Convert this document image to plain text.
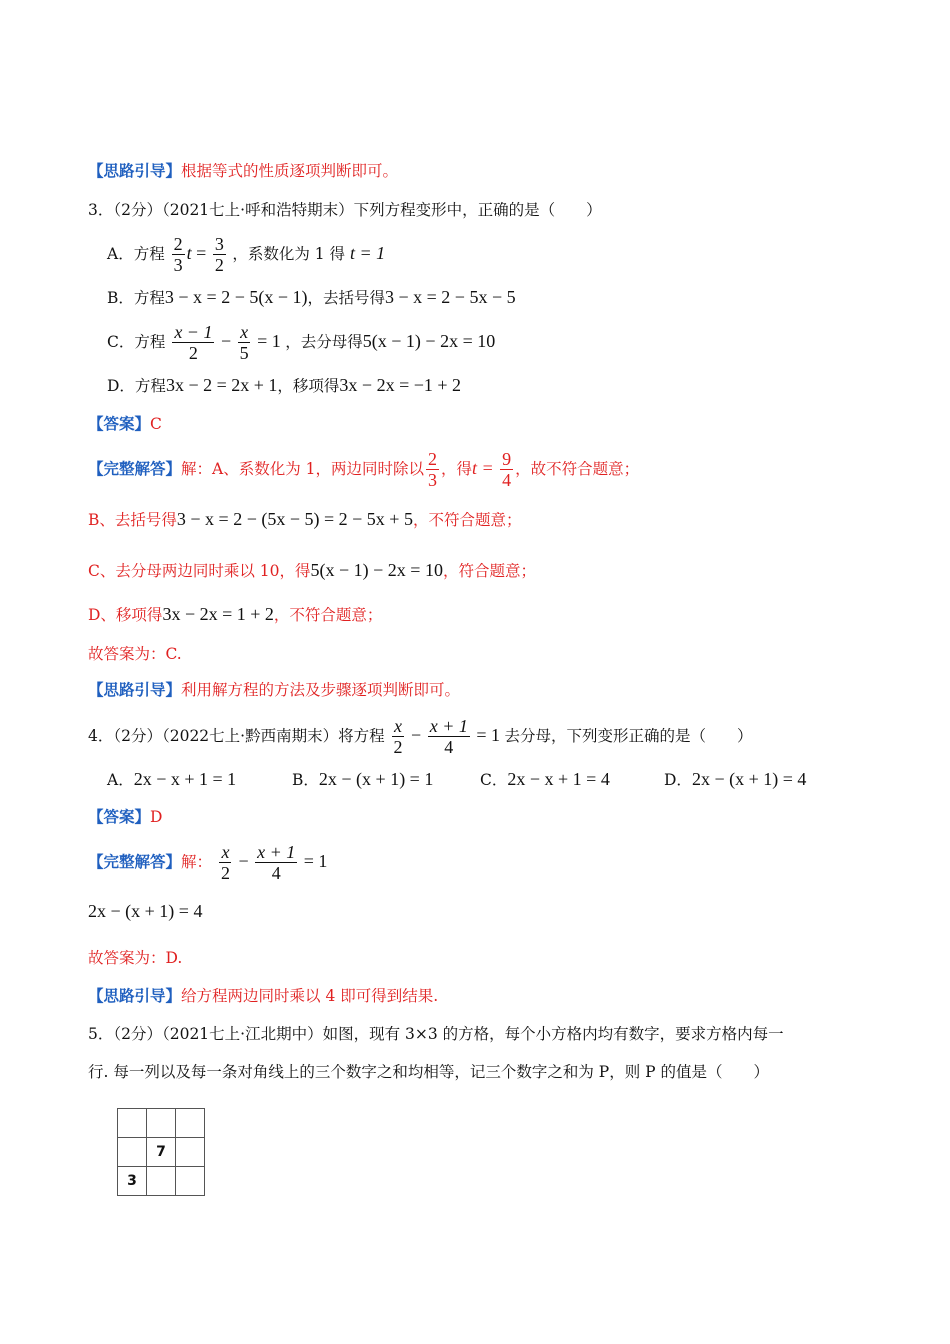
【思路引导】根据等式的性质逐项判断即可。
3．（2分）（2021七上·呼和浩特期末）下列方程变形中，正确的是（　　）
A．方程 $\frac{2}{3}$ $t = \frac{3}{2}$ ，系数化为 1 得 t = 1
B．方程3 − x = 2 − 5(x − 1)，去括号得3 − x = 2 − 5x − 5
C．方程 $\frac{x - 1}{2} - \frac{x}{5} = 1$ ，去分母得5(x − 1) − 2x = 10
D．方程3x − 2 = 2x + 1，移项得3x − 2x = −1 + 2
【答案】C
【完整解答】解：A、系数化为 1，两边同时除以 $\frac{2}{3}$ ，得$t = \frac{9}{4}$ ，故不符合题意；
B、去括号得3 − x = 2 − (5x − 5) = 2 − 5x + 5，不符合题意；
C、去分母两边同时乘以 10，得5(x − 1) − 2x = 10，符合题意；
D、移项得3x − 2x = 1 + 2，不符合题意；
故答案为：C.
【思路引导】利用解方程的方法及步骤逐项判断即可。
4．（2分）（2022七上·黔西南期末）将方程 $\frac{x}{2} - \frac{x + 1}{4} = 1$ 去分母，下列变形正确的是（　　）
A．2x − x + 1 = 1	B．2x − (x + 1) = 1	C．2x − x + 1 = 4	D．2x − (x + 1) = 4
【答案】D
【完整解答】解： $\frac{x}{2} - \frac{x + 1}{4} = 1$
2x − (x + 1) = 4
故答案为：D.
【思路引导】给方程两边同时乘以 4 即可得到结果.
5．（2分）（2021七上·江北期中）如图，现有 3×3 的方格，每个小方格内均有数字，要求方格内每一
行. 每一列以及每一条对角线上的三个数字之和均相等，记三个数字之和为 P，则 P 的值是（　　）

	7	
3		
